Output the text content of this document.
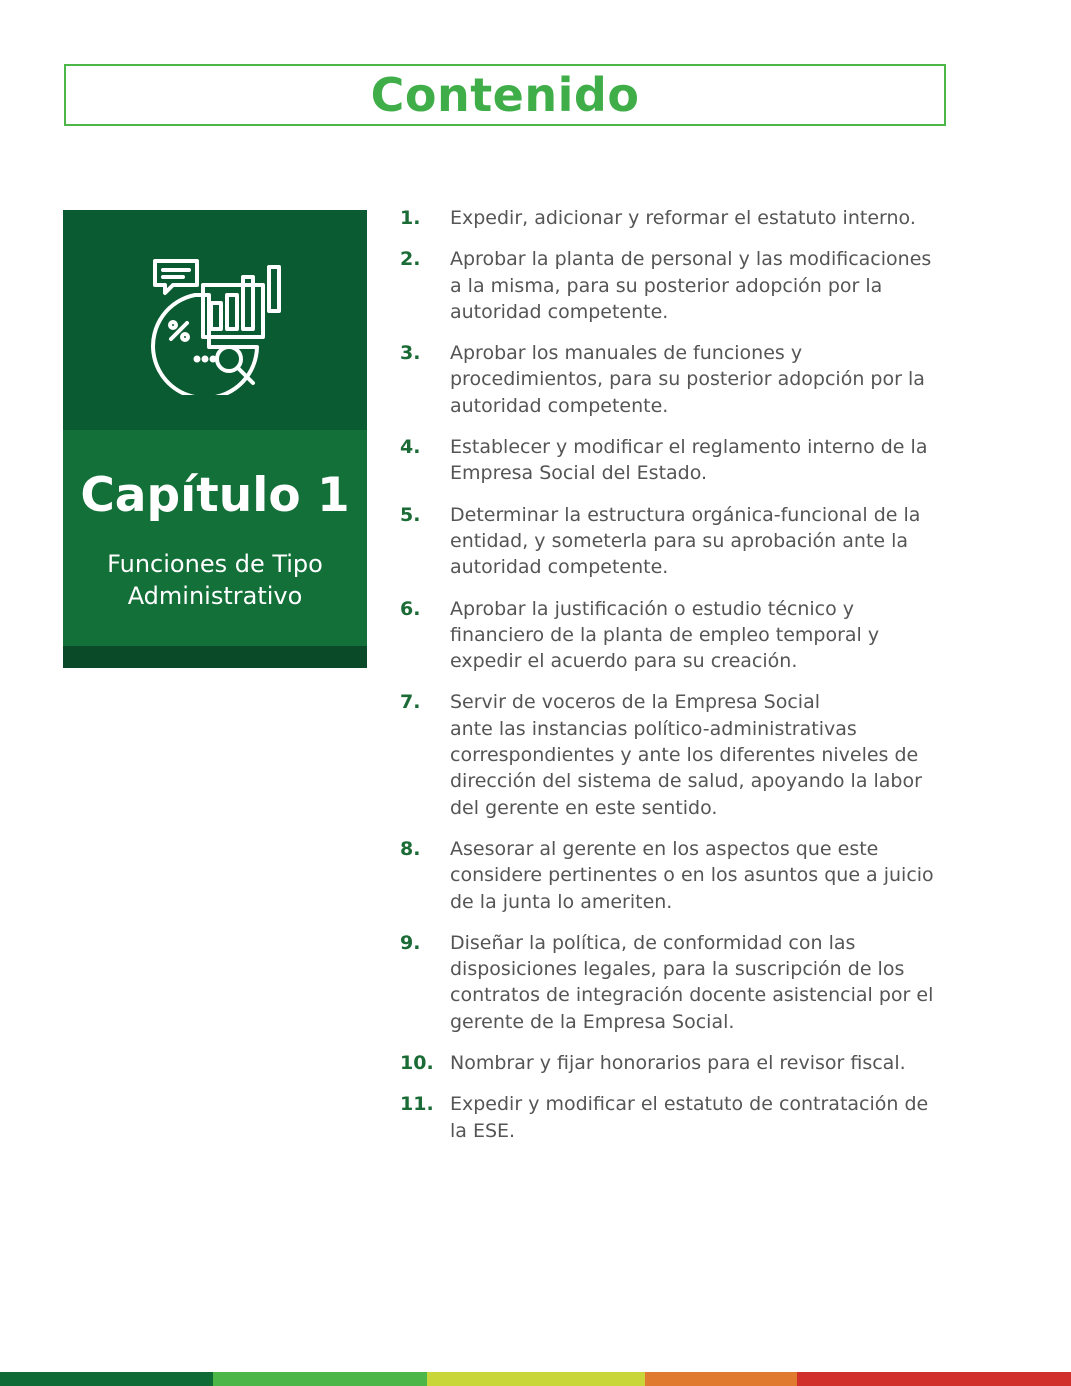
Contenido
Capítulo 1
Funciones de Tipo Administrativo
1.	Expedir, adicionar y reformar el estatuto interno.
2.	Aprobar la planta de personal y las modificaciones
a la misma, para su posterior adopción por la
autoridad competente.
3.	Aprobar los manuales de funciones y
procedimientos, para su posterior adopción por la
autoridad competente.
4.	Establecer y modificar el reglamento interno de la
Empresa Social del Estado.
5.	Determinar la estructura orgánica-funcional de la
entidad, y someterla para su aprobación ante la
autoridad competente.
6.	Aprobar la justificación o estudio técnico y
financiero de la planta de empleo temporal y
expedir el acuerdo para su creación.
7.	Servir de voceros de la Empresa Social
ante las instancias político-administrativas
correspondientes y ante los diferentes niveles de
dirección del sistema de salud, apoyando la labor
del gerente en este sentido.
8.	Asesorar al gerente en los aspectos que este
considere pertinentes o en los asuntos que a juicio
de la junta lo ameriten.
9.	Diseñar la política, de conformidad con las
disposiciones legales, para la suscripción de los
contratos de integración docente asistencial por el
gerente de la Empresa Social.
10. Nombrar y fijar honorarios para el revisor fiscal.
11. Expedir y modificar el estatuto de contratación de
la ESE.
